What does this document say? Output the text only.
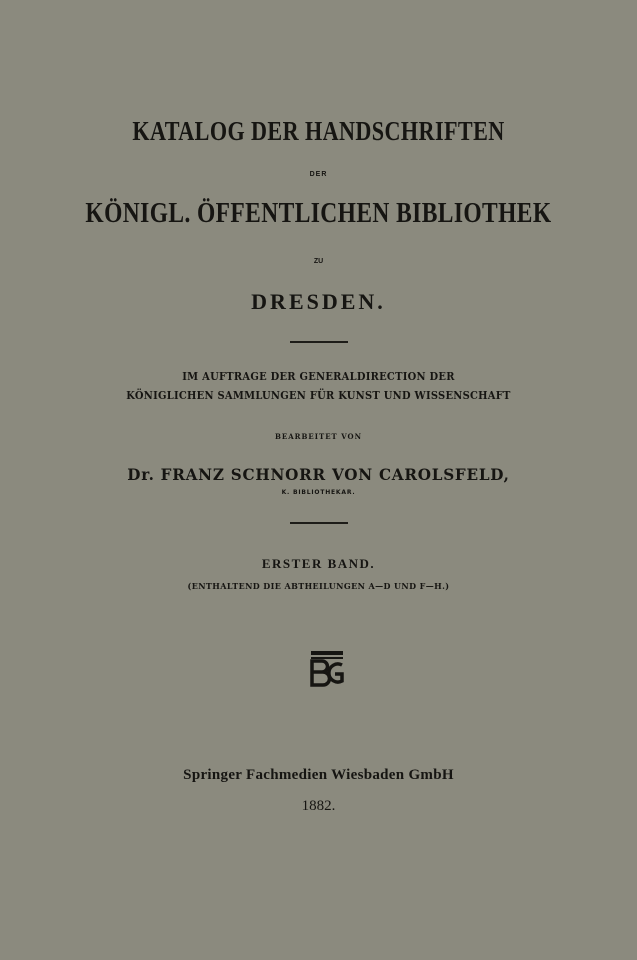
KATALOG DER HANDSCHRIFTEN
DER
KÖNIGL. ÖFFENTLICHEN BIBLIOTHEK
ZU
DRESDEN.
IM AUFTRAGE DER GENERALDIRECTION DER
KÖNIGLICHEN SAMMLUNGEN FÜR KUNST UND WISSENSCHAFT
BEARBEITET VON
Dr. FRANZ SCHNORR VON CAROLSFELD,
K. BIBLIOTHEKAR.
ERSTER BAND.
(ENTHALTEND DIE ABTHEILUNGEN A—D UND F—H.)
Springer Fachmedien Wiesbaden GmbH
1882.
